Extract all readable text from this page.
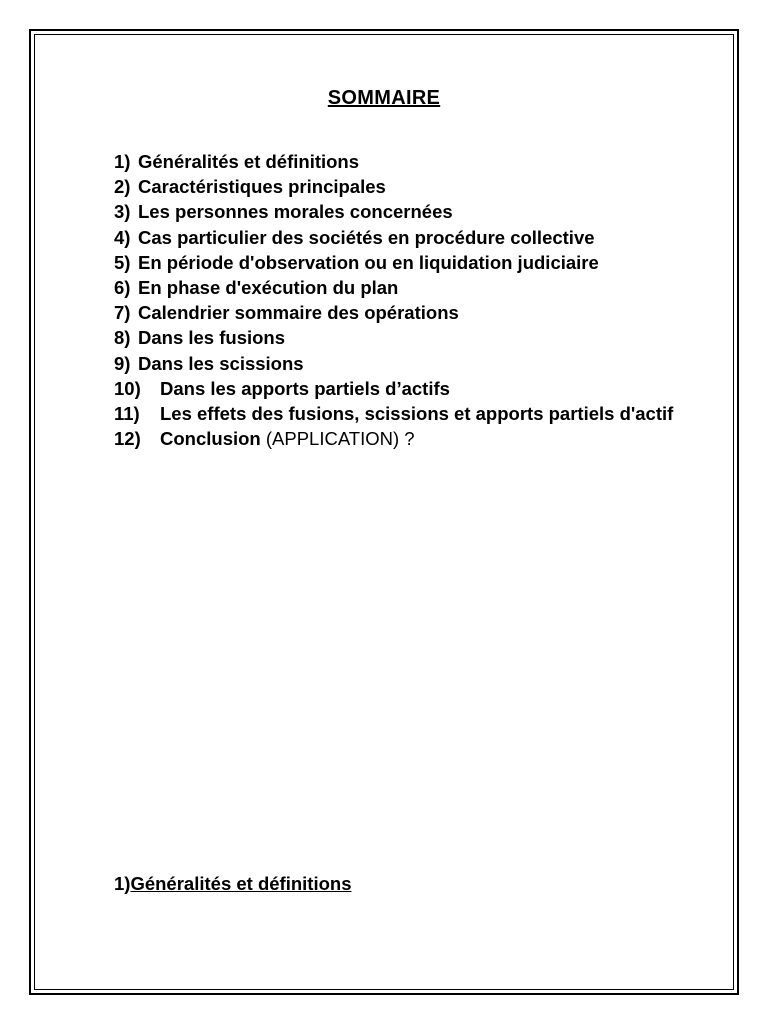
SOMMAIRE
1) Généralités et définitions
2) Caractéristiques principales
3) Les personnes morales concernées
4) Cas particulier des sociétés en procédure collective
5) En période d'observation ou en liquidation judiciaire
6) En phase d'exécution du plan
7) Calendrier sommaire des opérations
8) Dans les fusions
9) Dans les scissions
10) Dans les apports partiels d’actifs
11) Les effets des fusions, scissions et apports partiels d'actif
12) Conclusion (APPLICATION) ?
1)Généralités et définitions
